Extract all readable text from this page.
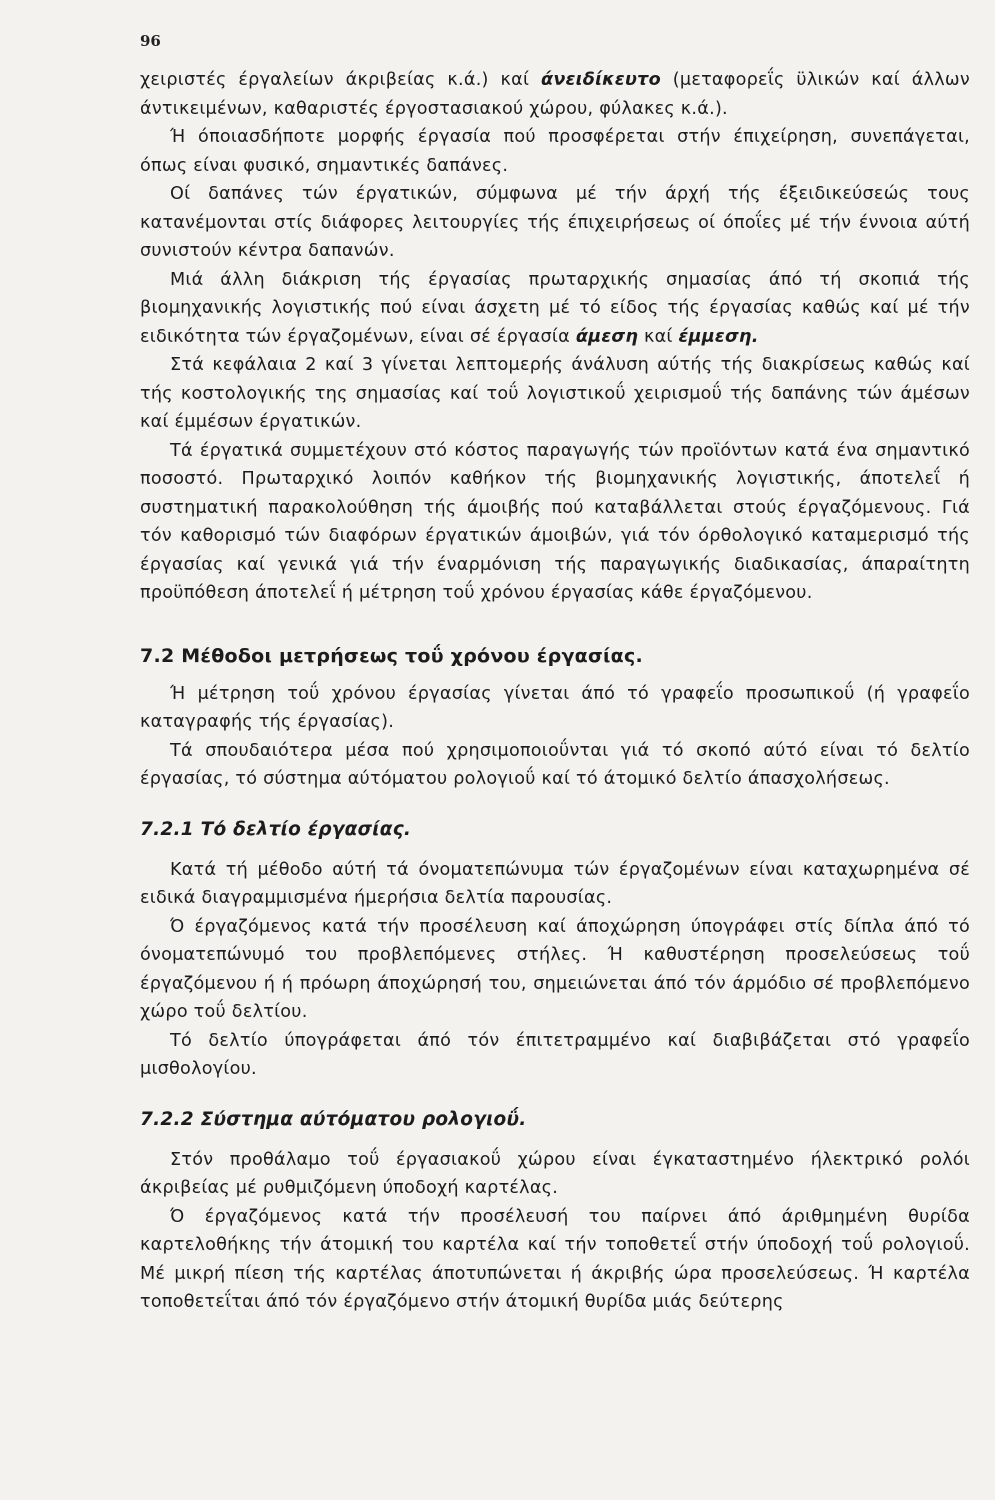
96

χειριστές έργαλείων άκριβείας κ.ά.) καί άνειδίκευτο (μεταφορεΐς ϋλικών καί άλλων άντικειμένων, καθαριστές έργοστασιακού χώρου, φύλακες κ.ά.).

Ή όποιασδήποτε μορφής έργασία πού προσφέρεται στήν έπιχείρηση, συνεπάγεται, όπως είναι φυσικό, σημαντικές δαπάνες.

Οί δαπάνες τών έργατικών, σύμφωνα μέ τήν άρχή τής έξειδικεύσεώς τους κατανέμονται στίς διάφορες λειτουργίες τής έπιχειρήσεως οί όποΐες μέ τήν έννοια αύτή συνιστούν κέντρα δαπανών.

Μιά άλλη διάκριση τής έργασίας πρωταρχικής σημασίας άπό τή σκοπιά τής βιομηχανικής λογιστικής πού είναι άσχετη μέ τό είδος τής έργασίας καθώς καί μέ τήν ειδικότητα τών έργαζομένων, είναι σέ έργασία άμεση καί έμμεση.

Στά κεφάλαια 2 καί 3 γίνεται λεπτομερής άνάλυση αύτής τής διακρίσεως καθώς καί τής κοστολογικής της σημασίας καί τοΰ λογιστικοΰ χειρισμοΰ τής δαπάνης τών άμέσων καί έμμέσων έργατικών.

Τά έργατικά συμμετέχουν στό κόστος παραγωγής τών προϊόντων κατά ένα σημαντικό ποσοστό. Πρωταρχικό λοιπόν καθήκον τής βιομηχανικής λογιστικής, άποτελεΐ ή συστηματική παρακολούθηση τής άμοιβής πού καταβάλλεται στούς έργαζόμενους. Γιά τόν καθορισμό τών διαφόρων έργατικών άμοιβών, γιά τόν όρθολογικό καταμερισμό τής έργασίας καί γενικά γιά τήν έναρμόνιση τής παραγωγικής διαδικασίας, άπαραίτητη προϋπόθεση άποτελεΐ ή μέτρηση τοΰ χρόνου έργασίας κάθε έργαζόμενου.

7.2 Μέθοδοι μετρήσεως τοΰ χρόνου έργασίας.

Ή μέτρηση τοΰ χρόνου έργασίας γίνεται άπό τό γραφεΐο προσωπικοΰ (ή γραφεΐο καταγραφής τής έργασίας).

Τά σπουδαιότερα μέσα πού χρησιμοποιοΰνται γιά τό σκοπό αύτό είναι τό δελτίο έργασίας, τό σύστημα αύτόματου ρολογιοΰ καί τό άτομικό δελτίο άπασχολήσεως.

7.2.1 Τό δελτίο έργασίας.

Κατά τή μέθοδο αύτή τά όνοματεπώνυμα τών έργαζομένων είναι καταχωρημένα σέ ειδικά διαγραμμισμένα ήμερήσια δελτία παρουσίας.

Ό έργαζόμενος κατά τήν προσέλευση καί άποχώρηση ύπογράφει στίς δίπλα άπό τό όνοματεπώνυμό του προβλεπόμενες στήλες. Ή καθυστέρηση προσελεύσεως τοΰ έργαζόμενου ή ή πρόωρη άποχώρησή του, σημειώνεται άπό τόν άρμόδιο σέ προβλεπόμενο χώρο τοΰ δελτίου.

Τό δελτίο ύπογράφεται άπό τόν έπιτετραμμένο καί διαβιβάζεται στό γραφεΐο μισθολογίου.

7.2.2 Σύστημα αύτόματου ρολογιοΰ.

Στόν προθάλαμο τοΰ έργασιακοΰ χώρου είναι έγκαταστημένο ήλεκτρικό ρολόι άκριβείας μέ ρυθμιζόμενη ύποδοχή καρτέλας.

Ό έργαζόμενος κατά τήν προσέλευσή του παίρνει άπό άριθμημένη θυρίδα καρτελοθήκης τήν άτομική του καρτέλα καί τήν τοποθετεΐ στήν ύποδοχή τοΰ ρολογιοΰ. Μέ μικρή πίεση τής καρτέλας άποτυπώνεται ή άκριβής ώρα προσελεύσεως. Ή καρτέλα τοποθετεΐται άπό τόν έργαζόμενο στήν άτομική θυρίδα μιάς δεύτερης
